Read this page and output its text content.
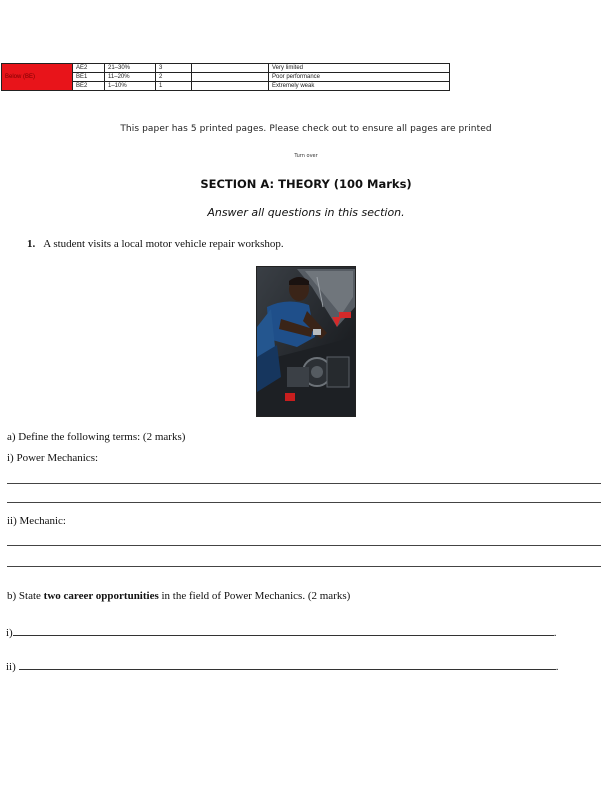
Below (BE)	AE2	21–30%	3		Very limited
	BE1	11–20%	2		Poor performance
	BE2	1–10%	1		Extremely weak
This paper has 5 printed pages. Please check out to ensure all pages are printed
Turn over
SECTION A: THEORY (100 Marks)
Answer all questions in this section.
1. A student visits a local motor vehicle repair workshop.
a) Define the following terms: (2 marks)
i) Power Mechanics:
ii) Mechanic:
b) State two career opportunities in the field of Power Mechanics. (2 marks)
i)	.
ii)	.
